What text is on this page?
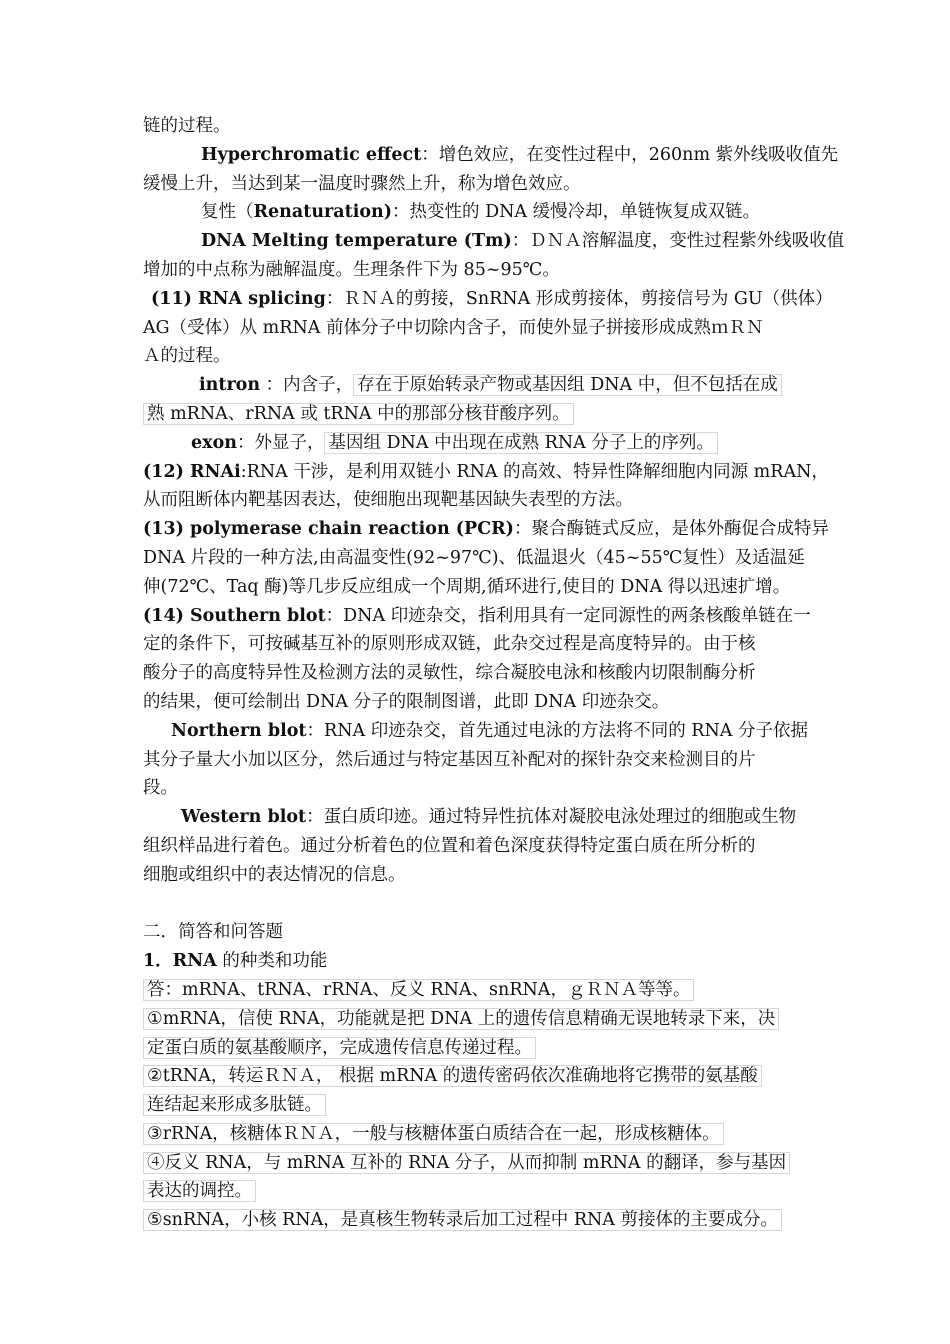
链的过程。
Hyperchromatic effect：增色效应，在变性过程中，260nm 紫外线吸收值先
缓慢上升，当达到某一温度时骤然上升，称为增色效应。
复性（Renaturation)：热变性的 DNA 缓慢冷却，单链恢复成双链。
DNA Melting temperature (Tm)：ＤＮＡ溶解温度，变性过程紫外线吸收值
增加的中点称为融解温度。生理条件下为 85~95℃。
(11) RNA splicing：ＲＮＡ的剪接，SnRNA 形成剪接体，剪接信号为 GU（供体）
AG（受体）从 mRNA 前体分子中切除内含子，而使外显子拼接形成成熟ｍＲＮ
Ａ的过程。
intron ：内含子， 存在于原始转录产物或基因组 DNA 中，但不包括在成
熟 mRNA、rRNA 或 tRNA 中的那部分核苷酸序列。
exon：外显子， 基因组 DNA 中出现在成熟 RNA 分子上的序列。
(12) RNAi:RNA 干涉，是利用双链小 RNA 的高效、特异性降解细胞内同源 mRAN，
从而阻断体内靶基因表达，使细胞出现靶基因缺失表型的方法。
(13) polymerase chain reaction (PCR)：聚合酶链式反应，是体外酶促合成特异
DNA 片段的一种方法,由高温变性(92~97℃)、低温退火（45~55℃复性）及适温延
伸(72℃、Taq 酶)等几步反应组成一个周期,循环进行,使目的 DNA 得以迅速扩增。
(14) Southern blot：DNA 印迹杂交，指利用具有一定同源性的两条核酸单链在一
定的条件下，可按碱基互补的原则形成双链，此杂交过程是高度特异的。由于核
酸分子的高度特异性及检测方法的灵敏性，综合凝胶电泳和核酸内切限制酶分析
的结果，便可绘制出 DNA 分子的限制图谱，此即 DNA 印迹杂交。
Northern blot：RNA 印迹杂交，首先通过电泳的方法将不同的 RNA 分子依据
其分子量大小加以区分，然后通过与特定基因互补配对的探针杂交来检测目的片
段。
Western blot：蛋白质印迹。通过特异性抗体对凝胶电泳处理过的细胞或生物
组织样品进行着色。通过分析着色的位置和着色深度获得特定蛋白质在所分析的
细胞或组织中的表达情况的信息。
二．简答和问答题
1．RNA 的种类和功能
答：mRNA、tRNA、rRNA、反义 RNA、snRNA，ｇＲＮＡ等等。
①mRNA，信使 RNA，功能就是把 DNA 上的遗传信息精确无误地转录下来，决
定蛋白质的氨基酸顺序，完成遗传信息传递过程。
②tRNA，转运ＲＮＡ， 根据 mRNA 的遗传密码依次准确地将它携带的氨基酸
连结起来形成多肽链。
③rRNA，核糖体ＲＮＡ，一般与核糖体蛋白质结合在一起，形成核糖体。
④反义 RNA，与 mRNA 互补的 RNA 分子，从而抑制 mRNA 的翻译，参与基因
表达的调控。
⑤snRNA，小核 RNA，是真核生物转录后加工过程中 RNA 剪接体的主要成分。
